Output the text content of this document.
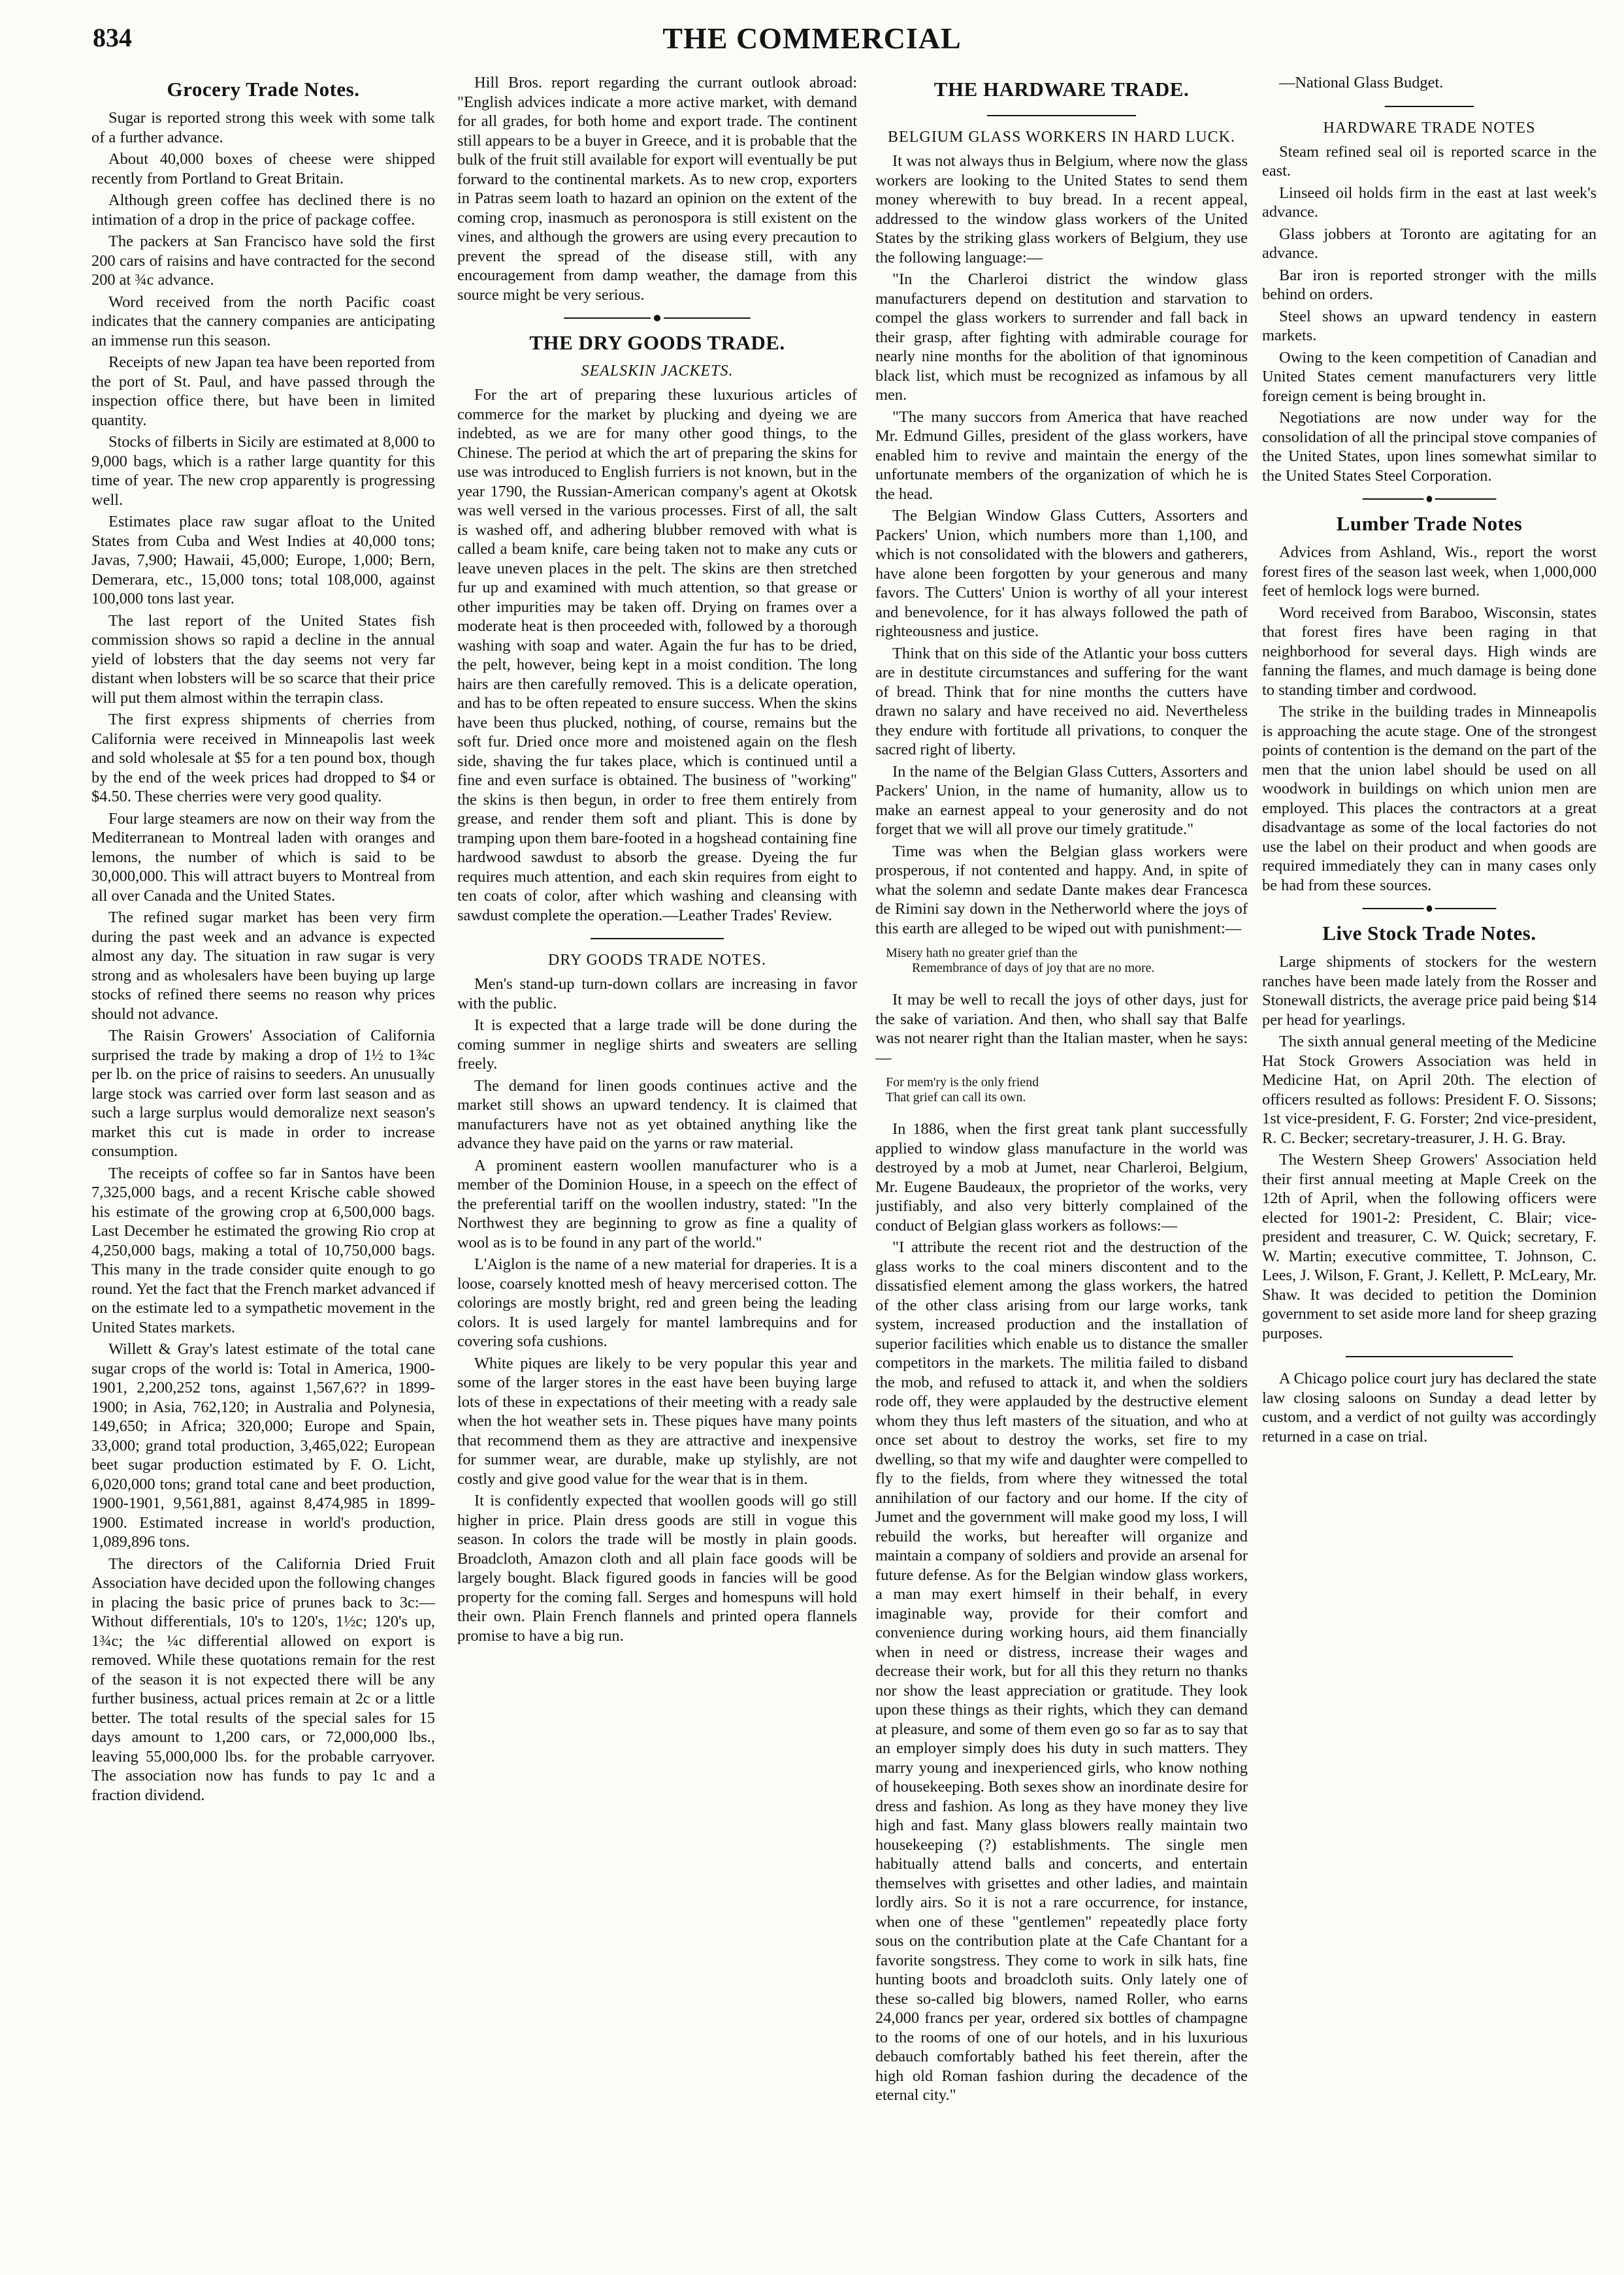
834	THE COMMERCIAL
Grocery Trade Notes.

Sugar is reported strong this week with some talk of a further advance.

About 40,000 boxes of cheese were shipped recently from Portland to Great Britain.

Although green coffee has declined there is no intimation of a drop in the price of package coffee.

The packers at San Francisco have sold the first 200 cars of raisins and have contracted for the second 200 at ¾c advance.

Word received from the north Pacific coast indicates that the cannery companies are anticipating an immense run this season.

Receipts of new Japan tea have been reported from the port of St. Paul, and have passed through the inspection office there, but have been in limited quantity.

Stocks of filberts in Sicily are estimated at 8,000 to 9,000 bags, which is a rather large quantity for this time of year. The new crop apparently is progressing well.

Estimates place raw sugar afloat to the United States from Cuba and West Indies at 40,000 tons; Javas, 7,900; Hawaii, 45,000; Europe, 1,000; Bern, Demerara, etc., 15,000 tons; total 108,000, against 100,000 tons last year.

The last report of the United States fish commission shows so rapid a decline in the annual yield of lobsters that the day seems not very far distant when lobsters will be so scarce that their price will put them almost within the terrapin class.

The first express shipments of cherries from California were received in Minneapolis last week and sold wholesale at $5 for a ten pound box, though by the end of the week prices had dropped to $4 or $4.50. These cherries were very good quality.

Four large steamers are now on their way from the Mediterranean to Montreal laden with oranges and lemons, the number of which is said to be 30,000,000. This will attract buyers to Montreal from all over Canada and the United States.

The refined sugar market has been very firm during the past week and an advance is expected almost any day. The situation in raw sugar is very strong and as wholesalers have been buying up large stocks of refined there seems no reason why prices should not advance.

The Raisin Growers' Association of California surprised the trade by making a drop of 1½ to 1¾c per lb. on the price of raisins to seeders. An unusually large stock was carried over form last season and as such a large surplus would demoralize next season's market this cut is made in order to increase consumption.

The receipts of coffee so far in Santos have been 7,325,000 bags, and a recent Krische cable showed his estimate of the growing crop at 6,500,000 bags. Last December he estimated the growing Rio crop at 4,250,000 bags, making a total of 10,750,000 bags. This many in the trade consider quite enough to go round. Yet the fact that the French market advanced if on the estimate led to a sympathetic movement in the United States markets.

Willett & Gray's latest estimate of the total cane sugar crops of the world is: Total in America, 1900-1901, 2,200,252 tons, against 1,567,6?? in 1899-1900; in Asia, 762,120; in Australia and Polynesia, 149,650; in Africa; 320,000; Europe and Spain, 33,000; grand total production, 3,465,022; European beet sugar production estimated by F. O. Licht, 6,020,000 tons; grand total cane and beet production, 1900-1901, 9,561,881, against 8,474,985 in 1899-1900. Estimated increase in world's production, 1,089,896 tons.

The directors of the California Dried Fruit Association have decided upon the following changes in placing the basic price of prunes back to 3c:— Without differentials, 10's to 120's, 1½c; 120's up, 1¾c; the ¼c differential allowed on export is removed. While these quotations remain for the rest of the season it is not expected there will be any further business, actual prices remain at 2c or a little better. The total results of the special sales for 15 days amount to 1,200 cars, or 72,000,000 lbs., leaving 55,000,000 lbs. for the probable carryover. The association now has funds to pay 1c and a fraction dividend.

Hill Bros. report regarding the currant outlook abroad: "English advices indicate a more active market, with demand for all grades, for both home and export trade. The continent still appears to be a buyer in Greece, and it is probable that the bulk of the fruit still available for export will eventually be put forward to the continental markets. As to new crop, exporters in Patras seem loath to hazard an opinion on the extent of the coming crop, inasmuch as peronospora is still existent on the vines, and although the growers are using every precaution to prevent the spread of the disease still, with any encouragement from damp weather, the damage from this source might be very serious.

THE DRY GOODS TRADE.
SEALSKIN JACKETS.

For the art of preparing these luxurious articles of commerce for the market by plucking and dyeing we are indebted, as we are for many other good things, to the Chinese. The period at which the art of preparing the skins for use was introduced to English furriers is not known, but in the year 1790, the Russian-American company's agent at Okotsk was well versed in the various processes. First of all, the salt is washed off, and adhering blubber removed with what is called a beam knife, care being taken not to make any cuts or leave uneven places in the pelt. The skins are then stretched fur up and examined with much attention, so that grease or other impurities may be taken off. Drying on frames over a moderate heat is then proceeded with, followed by a thorough washing with soap and water. Again the fur has to be dried, the pelt, however, being kept in a moist condition. The long hairs are then carefully removed. This is a delicate operation, and has to be often repeated to ensure success. When the skins have been thus plucked, nothing, of course, remains but the soft fur. Dried once more and moistened again on the flesh side, shaving the fur takes place, which is continued until a fine and even surface is obtained. The business of "working" the skins is then begun, in order to free them entirely from grease, and render them soft and pliant. This is done by tramping upon them bare-footed in a hogshead containing fine hardwood sawdust to absorb the grease. Dyeing the fur requires much attention, and each skin requires from eight to ten coats of color, after which washing and cleansing with sawdust complete the operation.—Leather Trades' Review.

DRY GOODS TRADE NOTES.

Men's stand-up turn-down collars are increasing in favor with the public.

It is expected that a large trade will be done during the coming summer in neglige shirts and sweaters are selling freely.

The demand for linen goods continues active and the market still shows an upward tendency. It is claimed that manufacturers have not as yet obtained anything like the advance they have paid on the yarns or raw material.

A prominent eastern woollen manufacturer who is a member of the Dominion House, in a speech on the effect of the preferential tariff on the woollen industry, stated: "In the Northwest they are beginning to grow as fine a quality of wool as is to be found in any part of the world."

L'Aiglon is the name of a new material for draperies. It is a loose, coarsely knotted mesh of heavy mercerised cotton. The colorings are mostly bright, red and green being the leading colors. It is used largely for mantel lambrequins and for covering sofa cushions.

White piques are likely to be very popular this year and some of the larger stores in the east have been buying large lots of these in expectations of their meeting with a ready sale when the hot weather sets in. These piques have many points that recommend them as they are attractive and inexpensive for summer wear, are durable, make up stylishly, are not costly and give good value for the wear that is in them.

It is confidently expected that woollen goods will go still higher in price. Plain dress goods are still in vogue this season. In colors the trade will be mostly in plain goods. Broadcloth, Amazon cloth and all plain face goods will be largely bought. Black figured goods in fancies will be good property for the coming fall. Serges and homespuns will hold their own. Plain French flannels and printed opera flannels promise to have a big run.

THE HARDWARE TRADE.
BELGIUM GLASS WORKERS IN HARD LUCK.

It was not always thus in Belgium, where now the glass workers are looking to the United States to send them money wherewith to buy bread. In a recent appeal, addressed to the window glass workers of the United States by the striking glass workers of Belgium, they use the following language:—

"In the Charleroi district the window glass manufacturers depend on destitution and starvation to compel the glass workers to surrender and fall back in their grasp, after fighting with admirable courage for nearly nine months for the abolition of that ignominous black list, which must be recognized as infamous by all men.

"The many succors from America that have reached Mr. Edmund Gilles, president of the glass workers, have enabled him to revive and maintain the energy of the unfortunate members of the organization of which he is the head.

The Belgian Window Glass Cutters, Assorters and Packers' Union, which numbers more than 1,100, and which is not consolidated with the blowers and gatherers, have alone been forgotten by your generous and many favors. The Cutters' Union is worthy of all your interest and benevolence, for it has always followed the path of righteousness and justice.

Think that on this side of the Atlantic your boss cutters are in destitute circumstances and suffering for the want of bread. Think that for nine months the cutters have drawn no salary and have received no aid. Nevertheless they endure with fortitude all privations, to conquer the sacred right of liberty.

In the name of the Belgian Glass Cutters, Assorters and Packers' Union, in the name of humanity, allow us to make an earnest appeal to your generosity and do not forget that we will all prove our timely gratitude."

Time was when the Belgian glass workers were prosperous, if not contented and happy. And, in spite of what the solemn and sedate Dante makes dear Francesca de Rimini say down in the Netherworld where the joys of this earth are alleged to be wiped out with punishment:—

Misery hath no greater grief than the
Remembrance of days of joy that are no more.

It may be well to recall the joys of other days, just for the sake of variation. And then, who shall say that Balfe was not nearer right than the Italian master, when he says:—

For mem'ry is the only friend
That grief can call its own.

In 1886, when the first great tank plant successfully applied to window glass manufacture in the world was destroyed by a mob at Jumet, near Charleroi, Belgium, Mr. Eugene Baudeaux, the proprietor of the works, very justifiably, and also very bitterly complained of the conduct of Belgian glass workers as follows:—

"I attribute the recent riot and the destruction of the glass works to the coal miners discontent and to the dissatisfied element among the glass workers, the hatred of the other class arising from our large works, tank system, increased production and the installation of superior facilities which enable us to distance the smaller competitors in the markets. The militia failed to disband the mob, and refused to attack it, and when the soldiers rode off, they were applauded by the destructive element whom they thus left masters of the situation, and who at once set about to destroy the works, set fire to my dwelling, so that my wife and daughter were compelled to fly to the fields, from where they witnessed the total annihilation of our factory and our home. If the city of Jumet and the government will make good my loss, I will rebuild the works, but hereafter will organize and maintain a company of soldiers and provide an arsenal for future defense. As for the Belgian window glass workers, a man may exert himself in their behalf, in every imaginable way, provide for their comfort and convenience during working hours, aid them financially when in need or distress, increase their wages and decrease their work, but for all this they return no thanks nor show the least appreciation or gratitude. They look upon these things as their rights, which they can demand at pleasure, and some of them even go so far as to say that an employer simply does his duty in such matters. They marry young and inexperienced girls, who know nothing of housekeeping. Both sexes show an inordinate desire for dress and fashion. As long as they have money they live high and fast. Many glass blowers really maintain two housekeeping (?) establishments. The single men habitually attend balls and concerts, and entertain themselves with grisettes and other ladies, and maintain lordly airs. So it is not a rare occurrence, for instance, when one of these "gentlemen" repeatedly place forty sous on the contribution plate at the Cafe Chantant for a favorite songstress. They come to work in silk hats, fine hunting boots and broadcloth suits. Only lately one of these so-called big blowers, named Roller, who earns 24,000 francs per year, ordered six bottles of champagne to the rooms of one of our hotels, and in his luxurious debauch comfortably bathed his feet therein, after the high old Roman fashion during the decadence of the eternal city."

—National Glass Budget.

HARDWARE TRADE NOTES

Steam refined seal oil is reported scarce in the east.

Linseed oil holds firm in the east at last week's advance.

Glass jobbers at Toronto are agitating for an advance.

Bar iron is reported stronger with the mills behind on orders.

Steel shows an upward tendency in eastern markets.

Owing to the keen competition of Canadian and United States cement manufacturers very little foreign cement is being brought in.

Negotiations are now under way for the consolidation of all the principal stove companies of the United States, upon lines somewhat similar to the United States Steel Corporation.

Lumber Trade Notes

Advices from Ashland, Wis., report the worst forest fires of the season last week, when 1,000,000 feet of hemlock logs were burned.

Word received from Baraboo, Wisconsin, states that forest fires have been raging in that neighborhood for several days. High winds are fanning the flames, and much damage is being done to standing timber and cordwood.

The strike in the building trades in Minneapolis is approaching the acute stage. One of the strongest points of contention is the demand on the part of the men that the union label should be used on all woodwork in buildings on which union men are employed. This places the contractors at a great disadvantage as some of the local factories do not use the label on their product and when goods are required immediately they can in many cases only be had from these sources.

Live Stock Trade Notes.

Large shipments of stockers for the western ranches have been made lately from the Rosser and Stonewall districts, the average price paid being $14 per head for yearlings.

The sixth annual general meeting of the Medicine Hat Stock Growers Association was held in Medicine Hat, on April 20th. The election of officers resulted as follows: President F. O. Sissons; 1st vice-president, F. G. Forster; 2nd vice-president, R. C. Becker; secretary-treasurer, J. H. G. Bray.

The Western Sheep Growers' Association held their first annual meeting at Maple Creek on the 12th of April, when the following officers were elected for 1901-2: President, C. Blair; vice-president and treasurer, C. W. Quick; secretary, F. W. Martin; executive committee, T. Johnson, C. Lees, J. Wilson, F. Grant, J. Kellett, P. McLeary, Mr. Shaw. It was decided to petition the Dominion government to set aside more land for sheep grazing purposes.

A Chicago police court jury has declared the state law closing saloons on Sunday a dead letter by custom, and a verdict of not guilty was accordingly returned in a case on trial.
